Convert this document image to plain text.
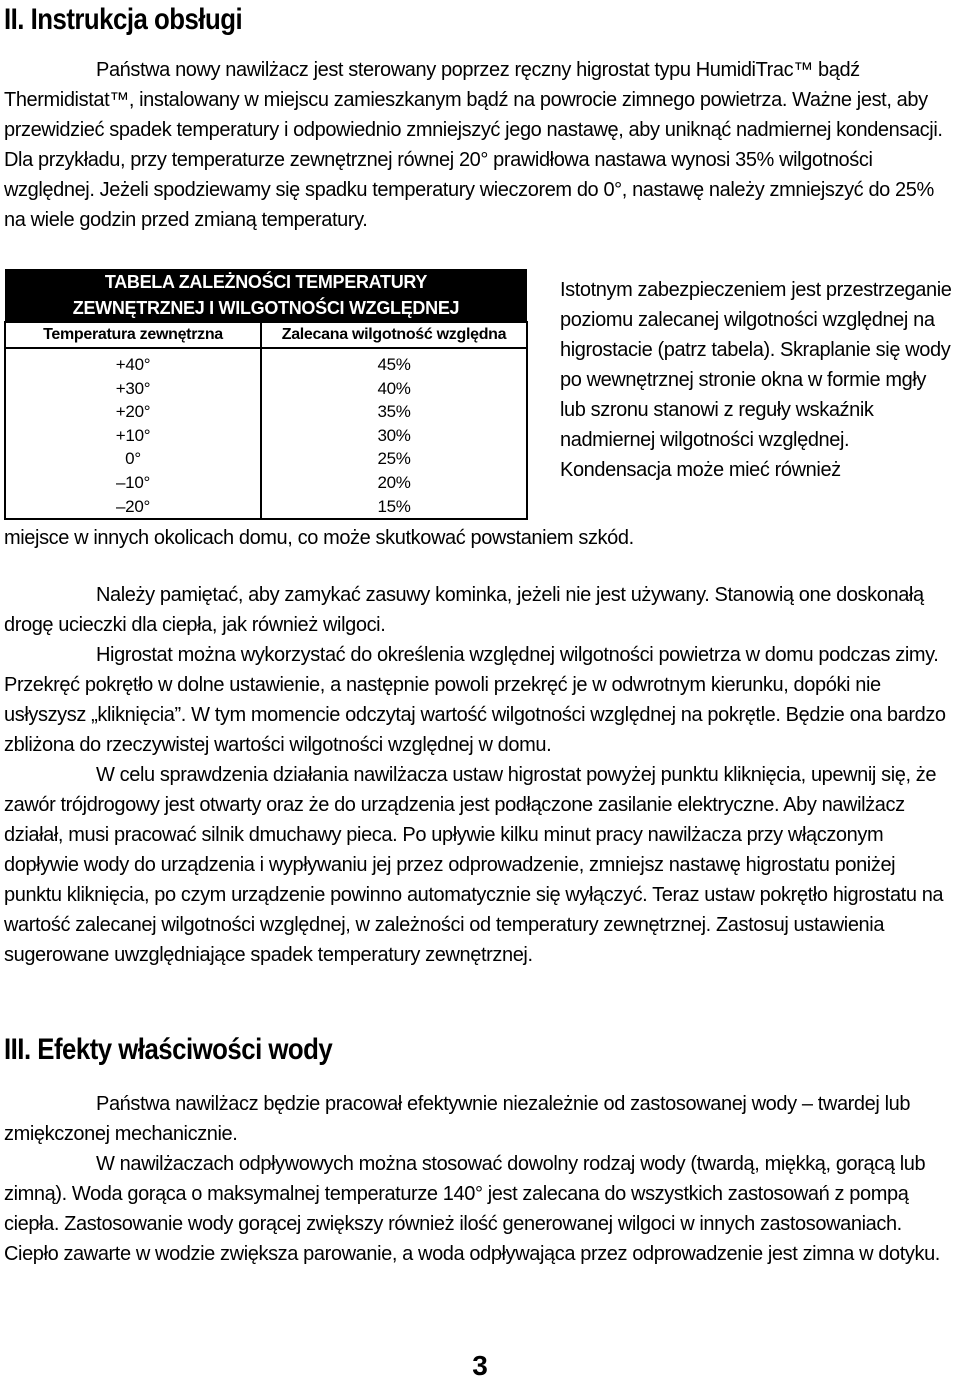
II. Instrukcja obsługi

Państwa nowy nawilżacz jest sterowany poprzez ręczny higrostat typu HumidiTrac™ bądź Thermidistat™, instalowany w miejscu zamieszkanym bądź na powrocie zimnego powietrza. Ważne jest, aby przewidzieć spadek temperatury i odpowiednio zmniejszyć jego nastawę, aby uniknąć nadmiernej kondensacji. Dla przykładu, przy temperaturze zewnętrznej równej 20° prawidłowa nastawa wynosi 35% wilgotności względnej. Jeżeli spodziewamy się spadku temperatury wieczorem do 0°, nastawę należy zmniejszyć do 25% na wiele godzin przed zmianą temperatury.

TABELA ZALEŻNOŚCI TEMPERATURY
ZEWNĘTRZNEJ I WILGOTNOŚCI WZGLĘDNEJ	

Temperatura zewnętrzna	Zalecana wilgotność względna
+40°	45%
+30°	40%
+20°	35%
+10°	30%
0°	25%
–10°	20%
–20°	15%

Istotnym zabezpieczeniem jest przestrzeganie poziomu zalecanej wilgotności względnej na higrostacie (patrz tabela). Skraplanie się wody po wewnętrznej stronie okna w formie mgły lub szronu stanowi z reguły wskaźnik nadmiernej wilgotności względnej. Kondensacja może mieć również

miejsce w innych okolicach domu, co może skutkować powstaniem szkód.

Należy pamiętać, aby zamykać zasuwy kominka, jeżeli nie jest używany. Stanowią one doskonałą drogę ucieczki dla ciepła, jak również wilgoci.

Higrostat można wykorzystać do określenia względnej wilgotności powietrza w domu podczas zimy. Przekręć pokrętło w dolne ustawienie, a następnie powoli przekręć je w odwrotnym kierunku, dopóki nie usłyszysz „kliknięcia”. W tym momencie odczytaj wartość wilgotności względnej na pokrętle. Będzie ona bardzo zbliżona do rzeczywistej wartości wilgotności względnej w domu.

W celu sprawdzenia działania nawilżacza ustaw higrostat powyżej punktu kliknięcia, upewnij się, że zawór trójdrogowy jest otwarty oraz że do urządzenia jest podłączone zasilanie elektryczne. Aby nawilżacz działał, musi pracować silnik dmuchawy pieca. Po upływie kilku minut pracy nawilżacza przy włączonym dopływie wody do urządzenia i wypływaniu jej przez odprowadzenie, zmniejsz nastawę higrostatu poniżej punktu kliknięcia, po czym urządzenie powinno automatycznie się wyłączyć. Teraz ustaw pokrętło higrostatu na wartość zalecanej wilgotności względnej, w zależności od temperatury zewnętrznej. Zastosuj ustawienia sugerowane uwzględniające spadek temperatury zewnętrznej.

III. Efekty właściwości wody

Państwa nawilżacz będzie pracował efektywnie niezależnie od zastosowanej wody – twardej lub zmiękczonej mechanicznie.

W nawilżaczach odpływowych można stosować dowolny rodzaj wody (twardą, miękką, gorącą lub zimną). Woda gorąca o maksymalnej temperaturze 140° jest zalecana do wszystkich zastosowań z pompą ciepła. Zastosowanie wody gorącej zwiększy również ilość generowanej wilgoci w innych zastosowaniach. Ciepło zawarte w wodzie zwiększa parowanie, a woda odpływająca przez odprowadzenie jest zimna w dotyku.

3
